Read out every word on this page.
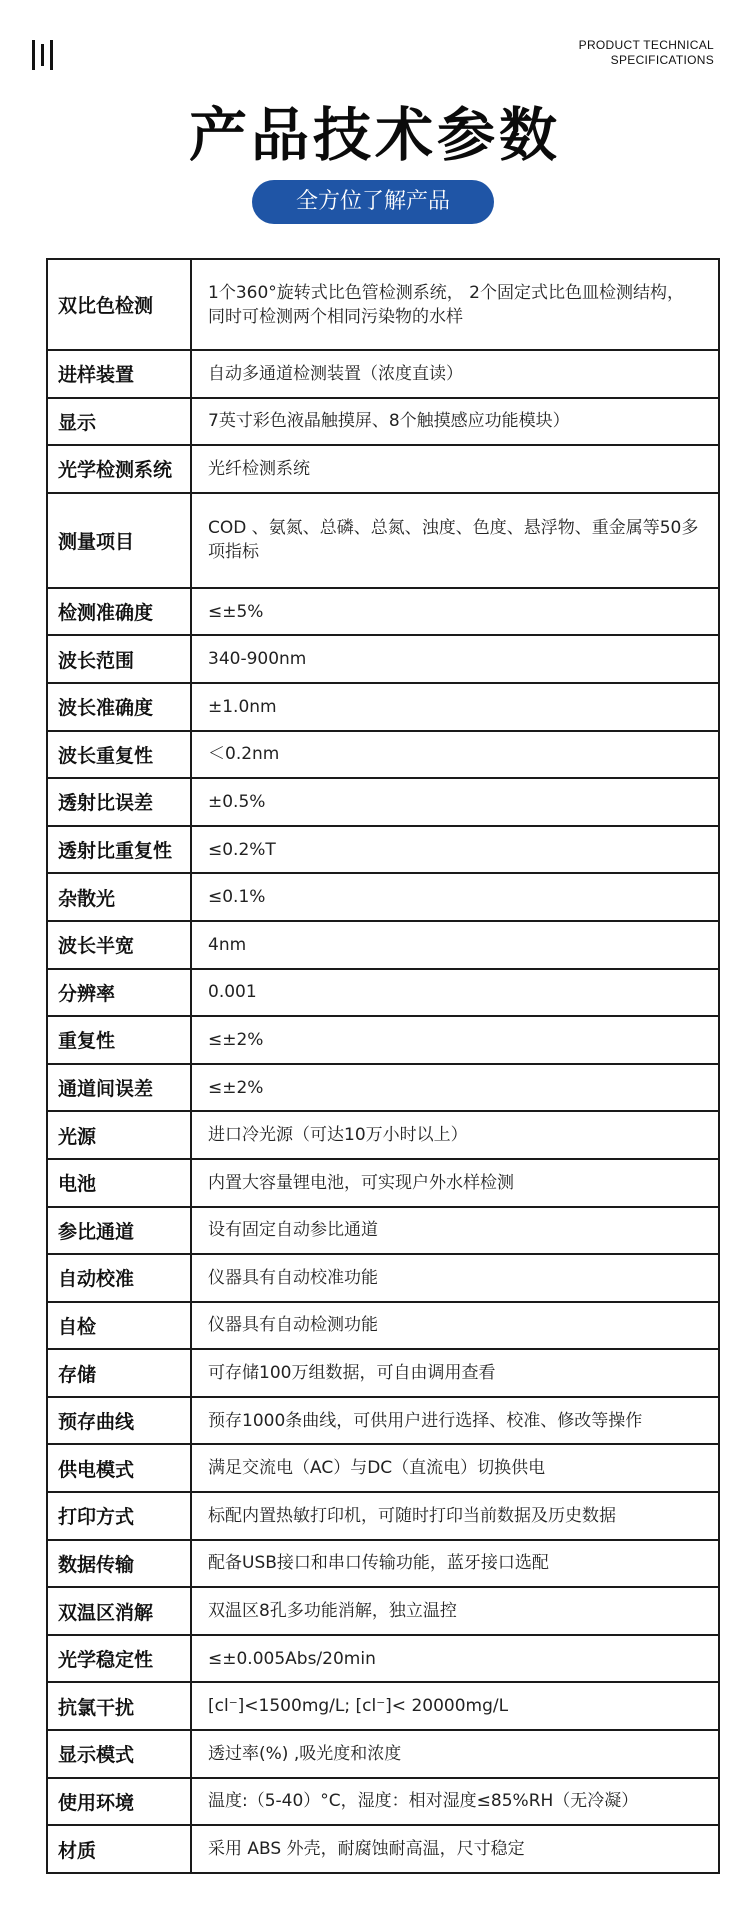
PRODUCT TECHNICAL
SPECIFICATIONS
产品技术参数
全方位了解产品
双比色检测	1个360°旋转式比色管检测系统， 2个固定式比色皿检测结构， 同时可检测两个相同污染物的水样
进样装置	自动多通道检测装置（浓度直读）
显示	7英寸彩色液晶触摸屏、8个触摸感应功能模块）
光学检测系统	光纤检测系统
测量项目	COD 、氨氮、总磷、总氮、浊度、色度、悬浮物、重金属等50多项指标
检测准确度	≤±5%
波长范围	340-900nm
波长准确度	±1.0nm
波长重复性	＜0.2nm
透射比误差	±0.5%
透射比重复性	≤0.2%T
杂散光	≤0.1%
波长半宽	4nm
分辨率	0.001
重复性	≤±2%
通道间误差	≤±2%
光源	进口冷光源（可达10万小时以上）
电池	内置大容量锂电池，可实现户外水样检测
参比通道	设有固定自动参比通道
自动校准	仪器具有自动校准功能
自检	仪器具有自动检测功能
存储	可存储100万组数据，可自由调用查看
预存曲线	预存1000条曲线，可供用户进行选择、校准、修改等操作
供电模式	满足交流电（AC）与DC（直流电）切换供电
打印方式	标配内置热敏打印机，可随时打印当前数据及历史数据
数据传输	配备USB接口和串口传输功能，蓝牙接口选配
双温区消解	双温区8孔多功能消解，独立温控
光学稳定性	≤±0.005Abs/20min
抗氯干扰	[cl⁻]<1500mg/L; [cl⁻]< 20000mg/L
显示模式	透过率(%) ,吸光度和浓度
使用环境	温度:（5-40）°C，湿度：相对湿度≤85%RH（无冷凝）
材质	采用 ABS 外壳，耐腐蚀耐高温，尺寸稳定
